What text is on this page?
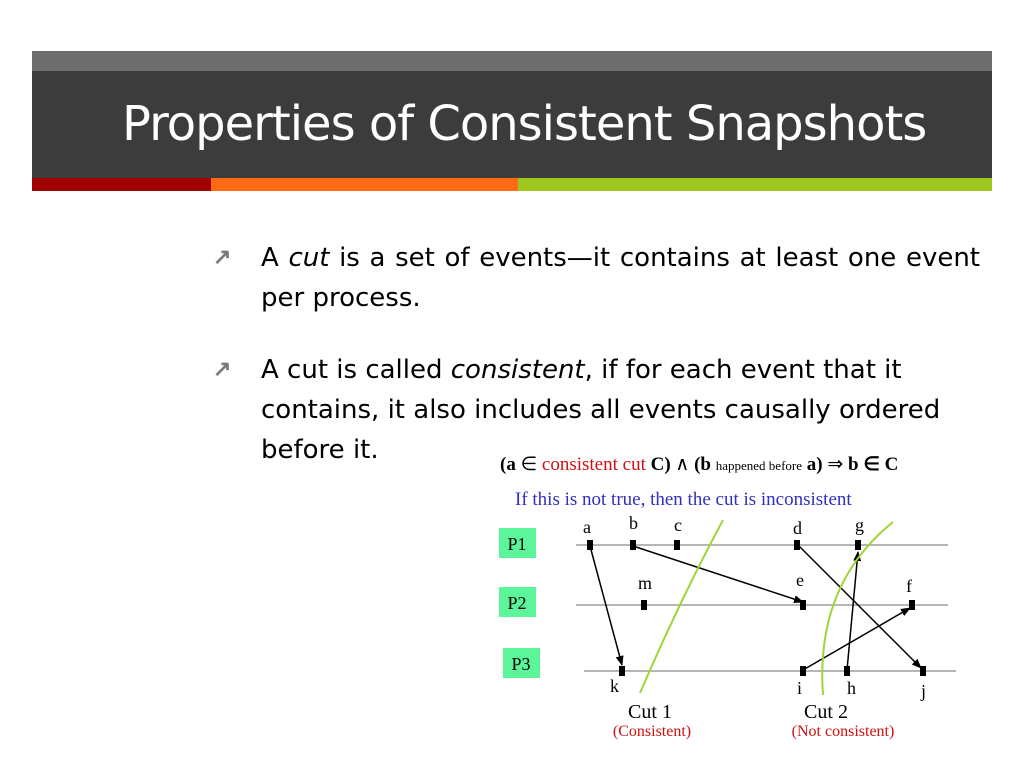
Properties of Consistent Snapshots
↗ A cut is a set of events—it contains at least one event per process.
↗ A cut is called consistent, if for each event that it contains, it also includes all events causally ordered before it.	(a ∈ consistent cut C) ∧ (b happened before a) ⇒ b ∈ C
If this is not true, then the cut is inconsistent
P1
P2
P3
a b c	d	g
m	e	f
k	i h	j
Cut 1
(Consistent)
Cut 2
(Not consistent)
